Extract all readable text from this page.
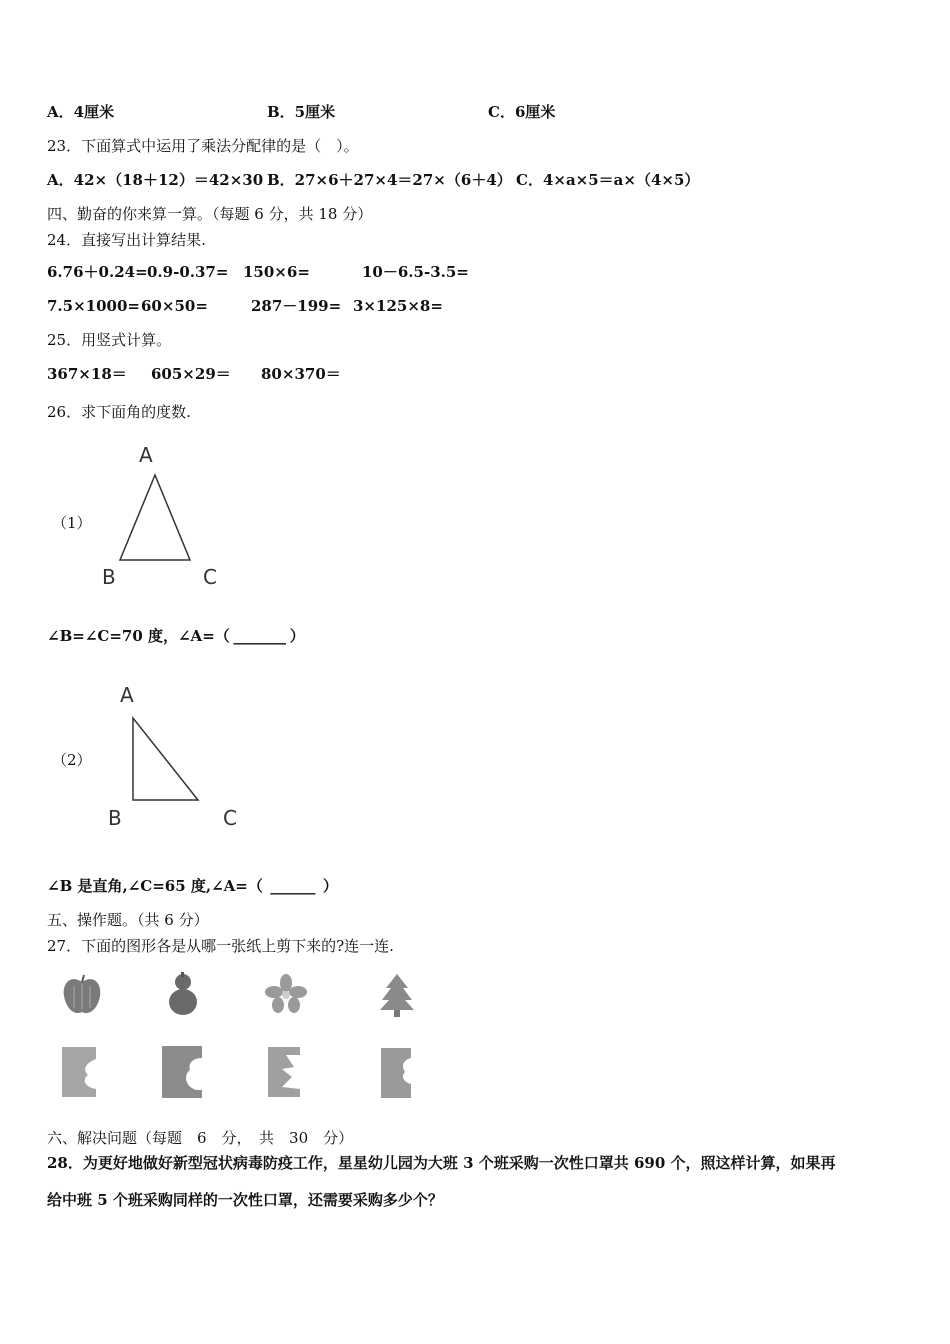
A．4厘米	B．5厘米	C．6厘米
23．下面算式中运用了乘法分配律的是（　）。
A．42×（18＋12）＝42×30 B．27×6＋27×4＝27×（6＋4） C．4×a×5＝a×（4×5）
四、勤奋的你来算一算。（每题 6 分，共 18 分）
24．直接写出计算结果.
6.76＋0.24= 0.9-0.37= 150×6=	10－6.5-3.5=
7.5×1000= 60×50=	287－199= 3×125×8=
25．用竖式计算。
367×18＝ 605×29＝ 80×370＝
26．求下面角的度数.
（1）
A
B	C
∠B=∠C=70 度，∠A=（ _______ ）
（2）
A
B	C
∠B 是直角,∠C=65 度,∠A=（ ______ ）
五、操作题。（共 6 分）
27．下面的图形各是从哪一张纸上剪下来的?连一连.
六、解决问题（每题　6　分，　共　30　分）
28．为更好地做好新型冠状病毒防疫工作，星星幼儿园为大班 3 个班采购一次性口罩共 690 个，照这样计算，如果再
给中班 5 个班采购同样的一次性口罩，还需要采购多少个？
